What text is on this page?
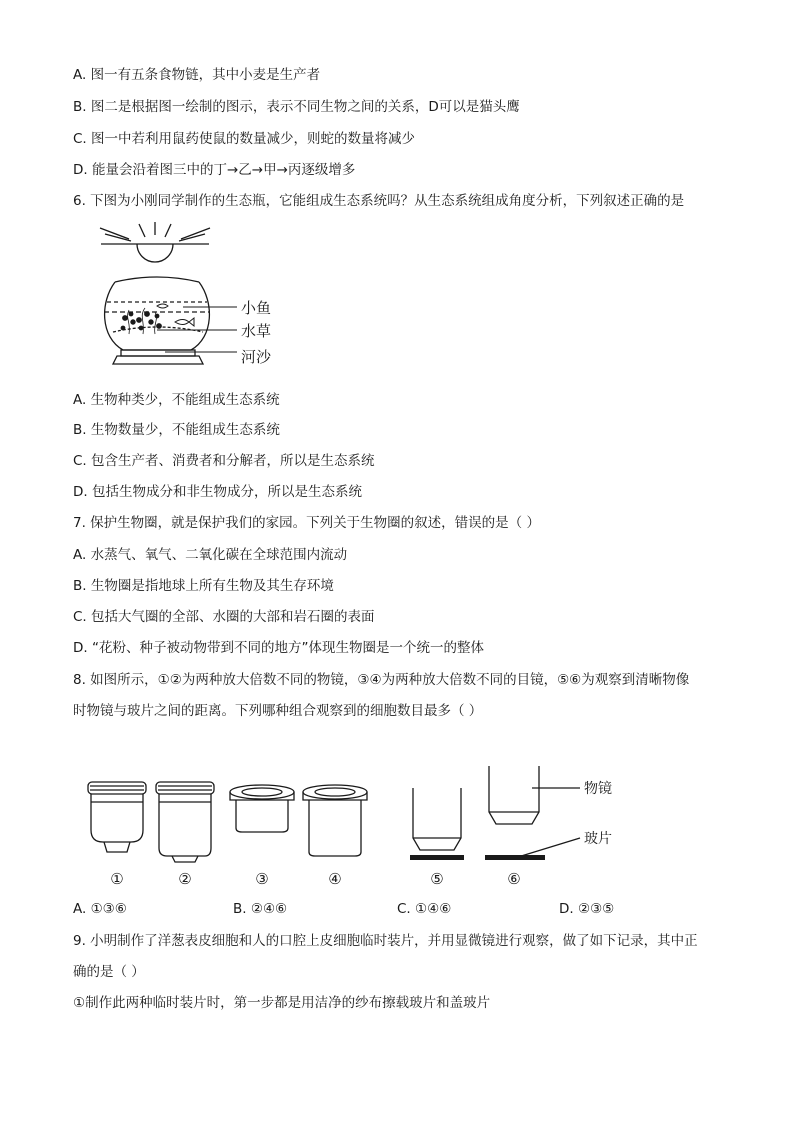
A. 图一有五条食物链，其中小麦是生产者
B. 图二是根据图一绘制的图示，表示不同生物之间的关系，D可以是猫头鹰
C. 图一中若利用鼠药使鼠的数量减少，则蛇的数量将减少
D. 能量会沿着图三中的丁→乙→甲→丙逐级增多
6. 下图为小刚同学制作的生态瓶，它能组成生态系统吗？从生态系统组成角度分析，下列叙述正确的是
小鱼
水草
河沙
A. 生物种类少，不能组成生态系统
B. 生物数量少，不能组成生态系统
C. 包含生产者、消费者和分解者，所以是生态系统
D. 包括生物成分和非生物成分，所以是生态系统
7. 保护生物圈，就是保护我们的家园。下列关于生物圈的叙述，错误的是（ ）
A. 水蒸气、氧气、二氧化碳在全球范围内流动
B. 生物圈是指地球上所有生物及其生存环境
C. 包括大气圈的全部、水圈的大部和岩石圈的表面
D. “花粉、种子被动物带到不同的地方”体现生物圈是一个统一的整体
8. 如图所示，①②为两种放大倍数不同的物镜，③④为两种放大倍数不同的目镜，⑤⑥为观察到清晰物像
时物镜与玻片之间的距离。下列哪种组合观察到的细胞数目最多（ ）
物镜
玻片
①	②	③	④	⑤	⑥
A. ①③⑥	B. ②④⑥	C. ①④⑥	D. ②③⑤
9. 小明制作了洋葱表皮细胞和人的口腔上皮细胞临时装片，并用显微镜进行观察，做了如下记录，其中正
确的是（ ）
①制作此两种临时装片时，第一步都是用洁净的纱布擦载玻片和盖玻片
